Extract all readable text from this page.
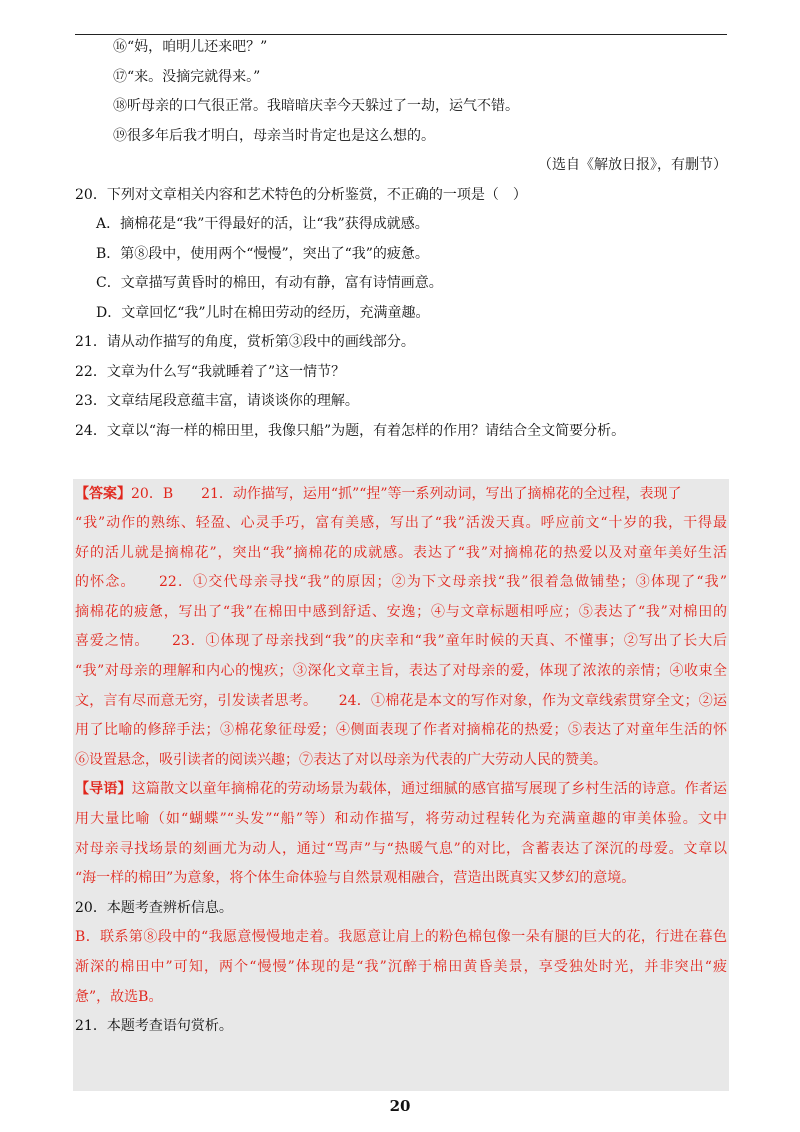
⑯“妈，咱明儿还来吧？”
⑰“来。没摘完就得来。”
⑱听母亲的口气很正常。我暗暗庆幸今天躲过了一劫，运气不错。
⑲很多年后我才明白，母亲当时肯定也是这么想的。
（选自《解放日报》，有删节）
20．下列对文章相关内容和艺术特色的分析鉴赏，不正确的一项是（　）
A．摘棉花是“我”干得最好的活，让“我”获得成就感。
B．第⑧段中，使用两个“慢慢”，突出了“我”的疲惫。
C．文章描写黄昏时的棉田，有动有静，富有诗情画意。
D．文章回忆“我”儿时在棉田劳动的经历，充满童趣。
21．请从动作描写的角度，赏析第③段中的画线部分。
22．文章为什么写“我就睡着了”这一情节？
23．文章结尾段意蕴丰富，请谈谈你的理解。
24．文章以“海一样的棉田里，我像只船”为题，有着怎样的作用？请结合全文简要分析。
【答案】20．B　　21．动作描写，运用“抓”“捏”等一系列动词，写出了摘棉花的全过程，表现了
“我”动作的熟练、轻盈、心灵手巧，富有美感，写出了“我”活泼天真。呼应前文“十岁的我，干得最
好的活儿就是摘棉花”，突出“我”摘棉花的成就感。表达了“我”对摘棉花的热爱以及对童年美好生活
的怀念。　　22．①交代母亲寻找“我”的原因；②为下文母亲找“我”很着急做铺垫；③体现了“我”
摘棉花的疲惫，写出了“我”在棉田中感到舒适、安逸；④与文章标题相呼应；⑤表达了“我”对棉田的
喜爱之情。　　23．①体现了母亲找到“我”的庆幸和“我”童年时候的天真、不懂事；②写出了长大后
“我”对母亲的理解和内心的愧疚；③深化文章主旨，表达了对母亲的爱，体现了浓浓的亲情；④收束全
文，言有尽而意无穷，引发读者思考。　　24．①棉花是本文的写作对象，作为文章线索贯穿全文；②运
用了比喻的修辞手法；③棉花象征母爱；④侧面表现了作者对摘棉花的热爱；⑤表达了对童年生活的怀
⑥设置悬念，吸引读者的阅读兴趣；⑦表达了对以母亲为代表的广大劳动人民的赞美。
【导语】这篇散文以童年摘棉花的劳动场景为载体，通过细腻的感官描写展现了乡村生活的诗意。作者运
用大量比喻（如“蝴蝶”“头发”“船”等）和动作描写，将劳动过程转化为充满童趣的审美体验。文中
对母亲寻找场景的刻画尤为动人，通过“骂声”与“热暖气息”的对比，含蓄表达了深沉的母爱。文章以
“海一样的棉田”为意象，将个体生命体验与自然景观相融合，营造出既真实又梦幻的意境。
20．本题考查辨析信息。
B．联系第⑧段中的“我愿意慢慢地走着。我愿意让肩上的粉色棉包像一朵有腿的巨大的花，行进在暮色
渐深的棉田中”可知，两个“慢慢”体现的是“我”沉醉于棉田黄昏美景，享受独处时光，并非突出“疲
惫”，故选B。
21．本题考查语句赏析。
20
